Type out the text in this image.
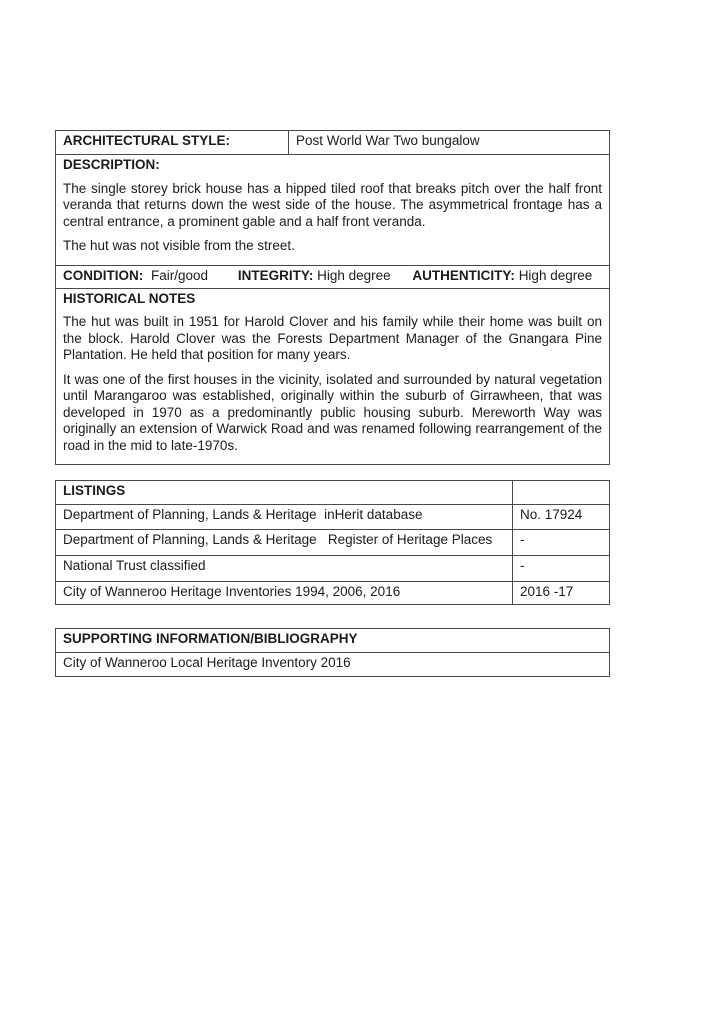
ARCHITECTURAL STYLE:	Post World War Two bungalow
DESCRIPTION:

The single storey brick house has a hipped tiled roof that breaks pitch over the half front veranda that returns down the west side of the house. The asymmetrical frontage has a central entrance, a prominent gable and a half front veranda.

The hut was not visible from the street.

CONDITION: Fair/good INTEGRITY: High degree AUTHENTICITY: High degree
HISTORICAL NOTES

The hut was built in 1951 for Harold Clover and his family while their home was built on the block. Harold Clover was the Forests Department Manager of the Gnangara Pine Plantation. He held that position for many years.

It was one of the first houses in the vicinity, isolated and surrounded by natural vegetation until Marangaroo was established, originally within the suburb of Girrawheen, that was developed in 1970 as a predominantly public housing suburb. Mereworth Way was originally an extension of Warwick Road and was renamed following rearrangement of the road in the mid to late-1970s.

LISTINGS	
Department of Planning, Lands & Heritage  inHerit database	No. 17924
Department of Planning, Lands & Heritage   Register of Heritage Places	-
National Trust classified	-
City of Wanneroo Heritage Inventories 1994, 2006, 2016	2016 -17
SUPPORTING INFORMATION/BIBLIOGRAPHY
City of Wanneroo Local Heritage Inventory 2016
